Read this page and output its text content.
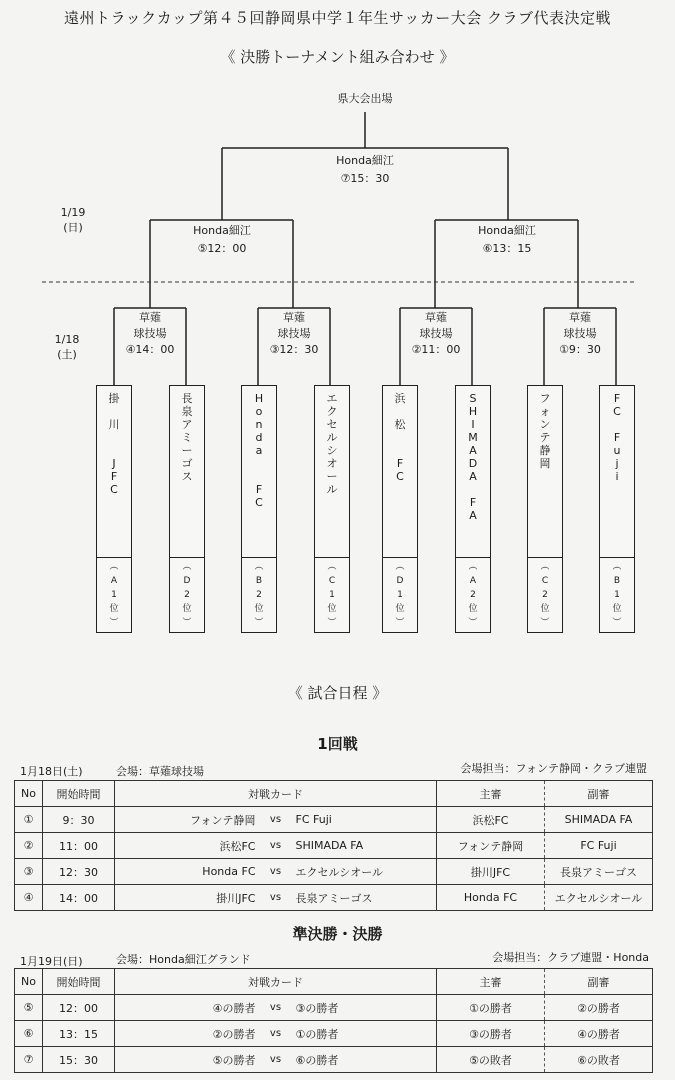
遠州トラックカップ第４５回静岡県中学１年生サッカー大会 クラブ代表決定戦
《 決勝トーナメント組み合わせ 》
県大会出場
Honda細江
⑦15：30
Honda細江
⑤12：00
Honda細江
⑥13：15
1/19
(日)
1/18
(土)
草薙
球技場
④14：00
草薙
球技場
③12：30
草薙
球技場
②11：00
草薙
球技場
①9：30
掛

川

J
F
C
︵
A
1
位
︶
長
泉
ア
ミ
ー
ゴ
ス
︵
D
2
位
︶
H
o
n
d
a

F
C
︵
B
2
位
︶
エ
ク
セ
ル
シ
オ
ー
ル
︵
C
1
位
︶
浜

松

F
C
︵
D
1
位
︶
S
H
I
M
A
D
A

F
A
︵
A
2
位
︶
フ
ォ
ン
テ
静
岡
︵
C
2
位
︶
F
C

F
u
j
i
︵
B
1
位
︶
《 試合日程 》
1回戦
1月18日(土)	会場：草薙球技場	会場担当：フォンテ静岡・クラブ連盟
No	開始時間	対戦カード	主審	副審
①	9：30	フォンテ静岡 vs FC Fuji	浜松FC	SHIMADA FA
②	11：00	浜松FC vs SHIMADA FA	フォンテ静岡	FC Fuji
③	12：30	Honda FC vs エクセルシオール	掛川JFC	長泉アミーゴス
④	14：00	掛川JFC vs 長泉アミーゴス	Honda FC	エクセルシオール
準決勝・決勝
1月19日(日)	会場：Honda細江グランド	会場担当：クラブ連盟・Honda
No	開始時間	対戦カード	主審	副審
⑤	12：00	④の勝者 vs ③の勝者	①の勝者	②の勝者
⑥	13：15	②の勝者 vs ①の勝者	③の勝者	④の勝者
⑦	15：30	⑤の勝者 vs ⑥の勝者	⑤の敗者	⑥の敗者
